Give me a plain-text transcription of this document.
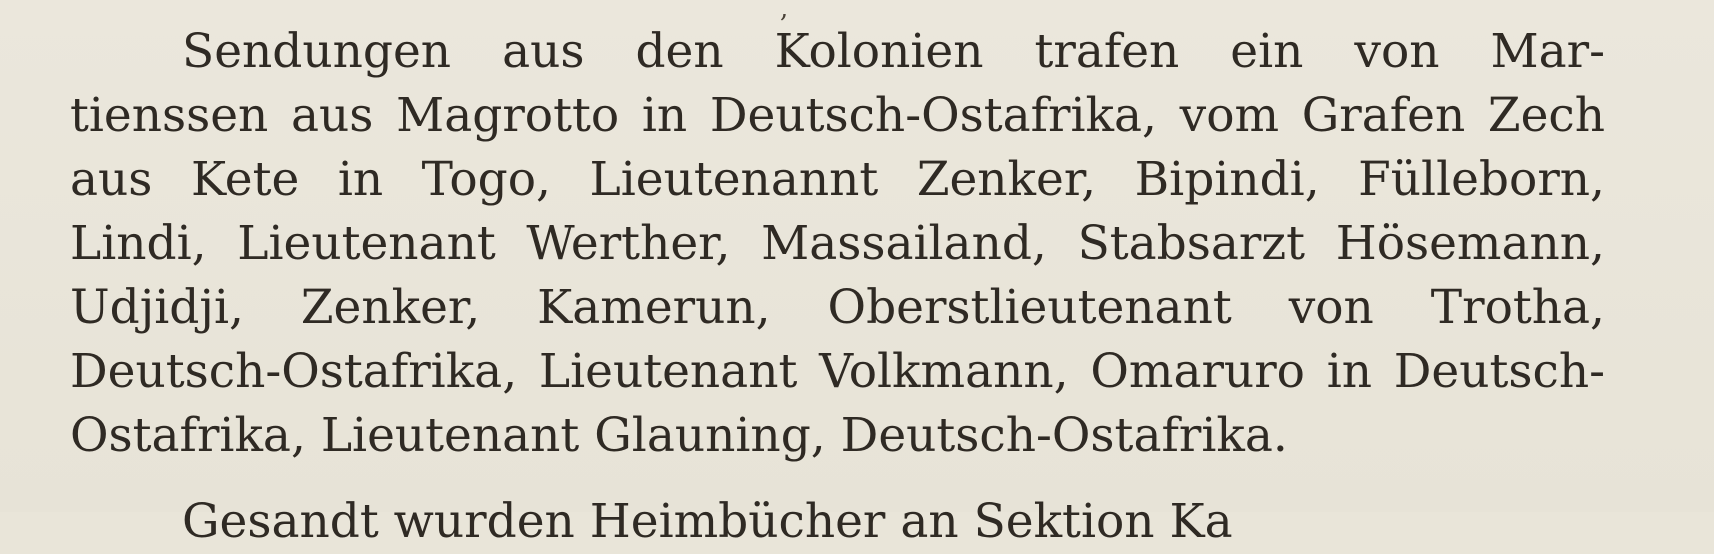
,
Sendungen aus den Kolonien trafen ein von Mar-
tienssen aus Magrotto in Deutsch-Ostafrika, vom Grafen Zech
aus Kete in Togo, Lieutenannt Zenker, Bipindi, Fülleborn,
Lindi, Lieutenant Werther, Massailand, Stabsarzt Hösemann,
Udjidji, Zenker, Kamerun, Oberstlieutenant von Trotha,
Deutsch-Ostafrika, Lieutenant Volkmann, Omaruro in Deutsch-
Ostafrika, Lieutenant Glauning, Deutsch-Ostafrika.
Gesandt wurden Heimbücher an Sektion Ka
